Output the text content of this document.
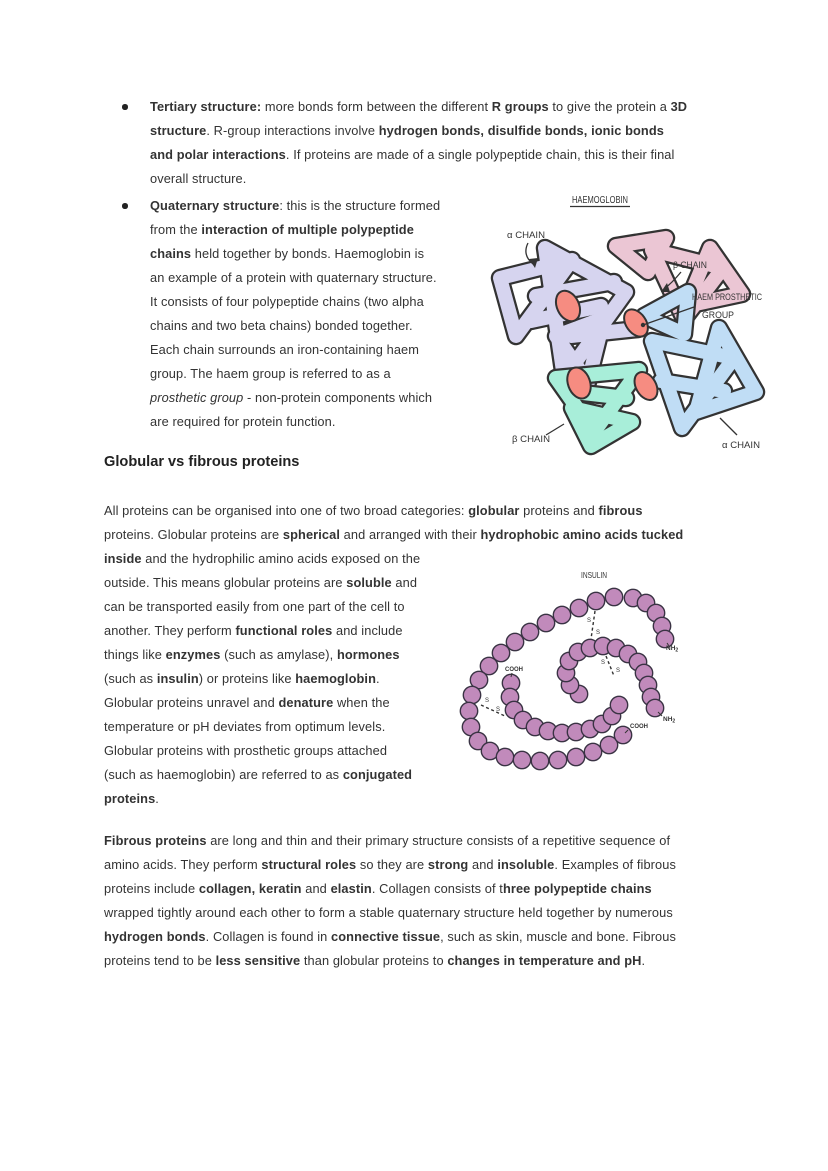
Tertiary structure: more bonds form between the different R groups to give the protein a 3D
structure. R-group interactions involve hydrogen bonds, disulfide bonds, ionic bonds
and polar interactions. If proteins are made of a single polypeptide chain, this is their final
overall structure.
Quaternary structure: this is the structure formed
from the interaction of multiple polypeptide
chains held together by bonds. Haemoglobin is
an example of a protein with quaternary structure.
It consists of four polypeptide chains (two alpha
chains and two beta chains) bonded together.
Each chain surrounds an iron-containing haem
group. The haem group is referred to as a
prosthetic group - non-protein components which
are required for protein function.
HAEMOGLOBIN
α CHAIN
β CHAIN
HAEM PROSTHETIC
GROUP
β CHAIN
α CHAIN
Globular vs fibrous proteins
All proteins can be organised into one of two broad categories: globular proteins and fibrous
proteins. Globular proteins are spherical and arranged with their hydrophobic amino acids tucked
inside and the hydrophilic amino acids exposed on the
outside. This means globular proteins are soluble and
can be transported easily from one part of the cell to
another. They perform functional roles and include
things like enzymes (such as amylase), hormones
(such as insulin) or proteins like haemoglobin.
Globular proteins unravel and denature when the
temperature or pH deviates from optimum levels.
Globular proteins with prosthetic groups attached
(such as haemoglobin) are referred to as conjugated
proteins.
INSULIN
S
S
S
S
S
S
COOH
COOH
$NH_2$
$NH_2$
Fibrous proteins are long and thin and their primary structure consists of a repetitive sequence of
amino acids. They perform structural roles so they are strong and insoluble. Examples of fibrous
proteins include collagen, keratin and elastin. Collagen consists of three polypeptide chains
wrapped tightly around each other to form a stable quaternary structure held together by numerous
hydrogen bonds. Collagen is found in connective tissue, such as skin, muscle and bone. Fibrous
proteins tend to be less sensitive than globular proteins to changes in temperature and pH.
